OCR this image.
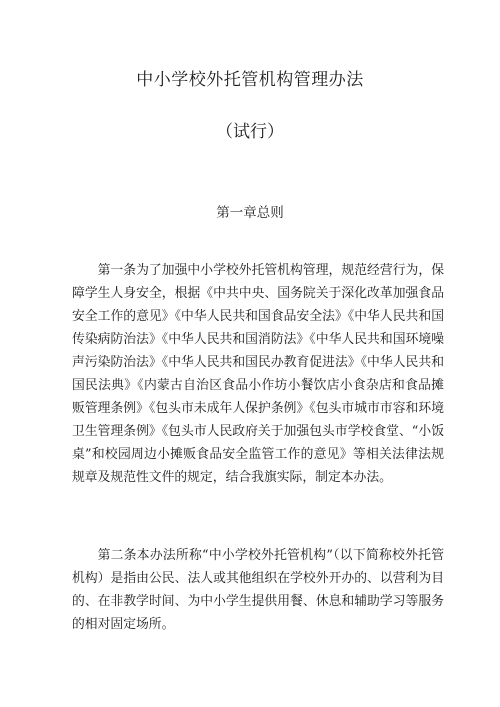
中小学校外托管机构管理办法
（试行）
第一章总则

第一条为了加强中小学校外托管机构管理，规范经营行为，保障学生人身安全，根据《中共中央、国务院关于深化改革加强食品安全工作的意见》《中华人民共和国食品安全法》《中华人民共和国传染病防治法》《中华人民共和国消防法》《中华人民共和国环境噪声污染防治法》《中华人民共和国民办教育促进法》《中华人民共和国民法典》《内蒙古自治区食品小作坊小餐饮店小食杂店和食品摊贩管理条例》《包头市未成年人保护条例》《包头市城市市容和环境卫生管理条例》《包头市人民政府关于加强包头市学校食堂、“小饭桌”和校园周边小摊贩食品安全监管工作的意见》等相关法律法规规章及规范性文件的规定，结合我旗实际，制定本办法。

第二条本办法所称“中小学校外托管机构”（以下简称校外托管机构）是指由公民、法人或其他组织在学校外开办的、以营利为目的、在非教学时间、为中小学生提供用餐、休息和辅助学习等服务的相对固定场所。
